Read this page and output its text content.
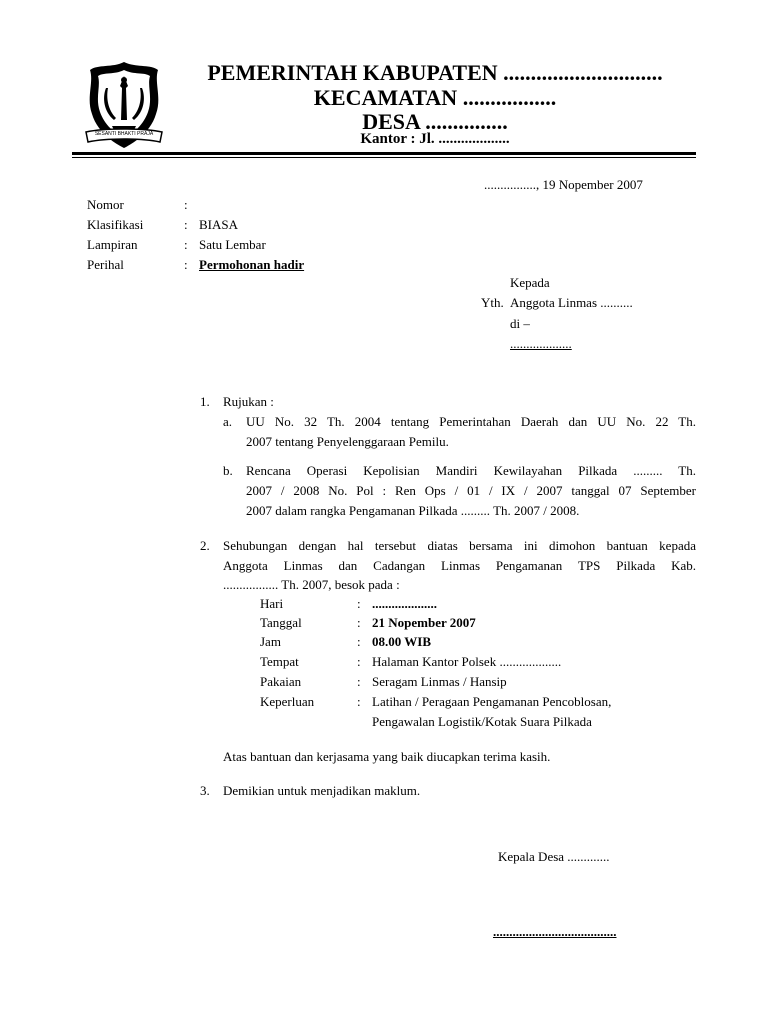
SESANTI BHAKTI PRAJA
PEMERINTAH KABUPATEN .............................
KECAMATAN .................
DESA ...............
Kantor : Jl. ...................
................, 19 Nopember 2007
Nomor	:
Klasifikasi	: BIASA
Lampiran	: Satu Lembar
Perihal	: Permohonan hadir
Kepada
Yth. Anggota Linmas ..........
di –
...................
1. Rujukan :
a. UU No. 32 Th. 2004 tentang Pemerintahan Daerah dan UU No. 22 Th.
2007 tentang Penyelenggaraan Pemilu.
b. Rencana Operasi Kepolisian Mandiri Kewilayahan Pilkada ......... Th.
2007 / 2008 No. Pol : Ren Ops / 01 / IX / 2007 tanggal 07 September
2007 dalam rangka Pengamanan Pilkada ......... Th. 2007 / 2008.
2. Sehubungan dengan hal tersebut diatas bersama ini dimohon bantuan kepada
Anggota Linmas dan Cadangan Linmas Pengamanan TPS Pilkada Kab.
................. Th. 2007, besok pada :
Hari	: ....................
Tanggal	: 21 Nopember 2007
Jam	: 08.00 WIB
Tempat	: Halaman Kantor Polsek ...................
Pakaian	: Seragam Linmas / Hansip
Keperluan	: Latihan / Peragaan Pengamanan Pencoblosan,
Pengawalan Logistik/Kotak Suara Pilkada
Atas bantuan dan kerjasama yang baik diucapkan terima kasih.
3. Demikian untuk menjadikan maklum.
Kepala Desa .............
......................................
